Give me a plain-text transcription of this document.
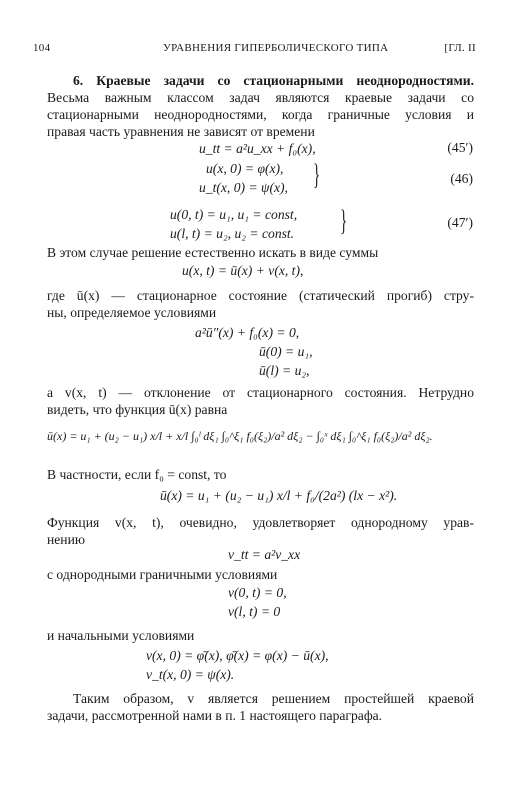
104	УРАВНЕНИЯ ГИПЕРБОЛИЧЕСКОГО ТИПА	[ГЛ. II
6. Краевые задачи со стационарными неоднородностями.
Весьма важным классом задач являются краевые задачи со
стационарными неоднородностями, когда граничные условия и
правая часть уравнения не зависят от времени
u_tt = a²u_xx + f₀(x),	(45′)
u(x, 0) = φ(x),
u_t(x, 0) = ψ(x), }	(46)
u(0, t) = u₁, u₁ = const,
u(l, t) = u₂, u₂ = const. }	(47′)
В этом случае решение естественно искать в виде суммы
u(x, t) = ū(x) + v(x, t),
где ū(x) — стационарное состояние (статический прогиб) стру-
ны, определяемое условиями
a²ū″(x) + f₀(x) = 0,
ū(0) = u₁,
ū(l) = u₂,
а v(x, t) — отклонение от стационарного состояния. Нетрудно
видеть, что функция ū(x) равна
ū(x) = u₁ + (u₂ − u₁) x/l + x/l ∫₀ˡ dξ₁ ∫₀^ξ₁ f₀(ξ₂)/a² dξ₂ − ∫₀ˣ dξ₁ ∫₀^ξ₁ f₀(ξ₂)/a² dξ₂.
В частности, если f₀ = const, то
ū(x) = u₁ + (u₂ − u₁) x/l + f₀/(2a²) (lx − x²).
Функция v(x, t), очевидно, удовлетворяет однородному урав-
нению
v_tt = a²v_xx
с однородными граничными условиями
v(0, t) = 0,
v(l, t) = 0
и начальными условиями
v(x, 0) = φ̄(x), φ̄(x) = φ(x) − ū(x),
v_t(x, 0) = ψ(x).
Таким образом, v является решением простейшей краевой
задачи, рассмотренной нами в п. 1 настоящего параграфа.
